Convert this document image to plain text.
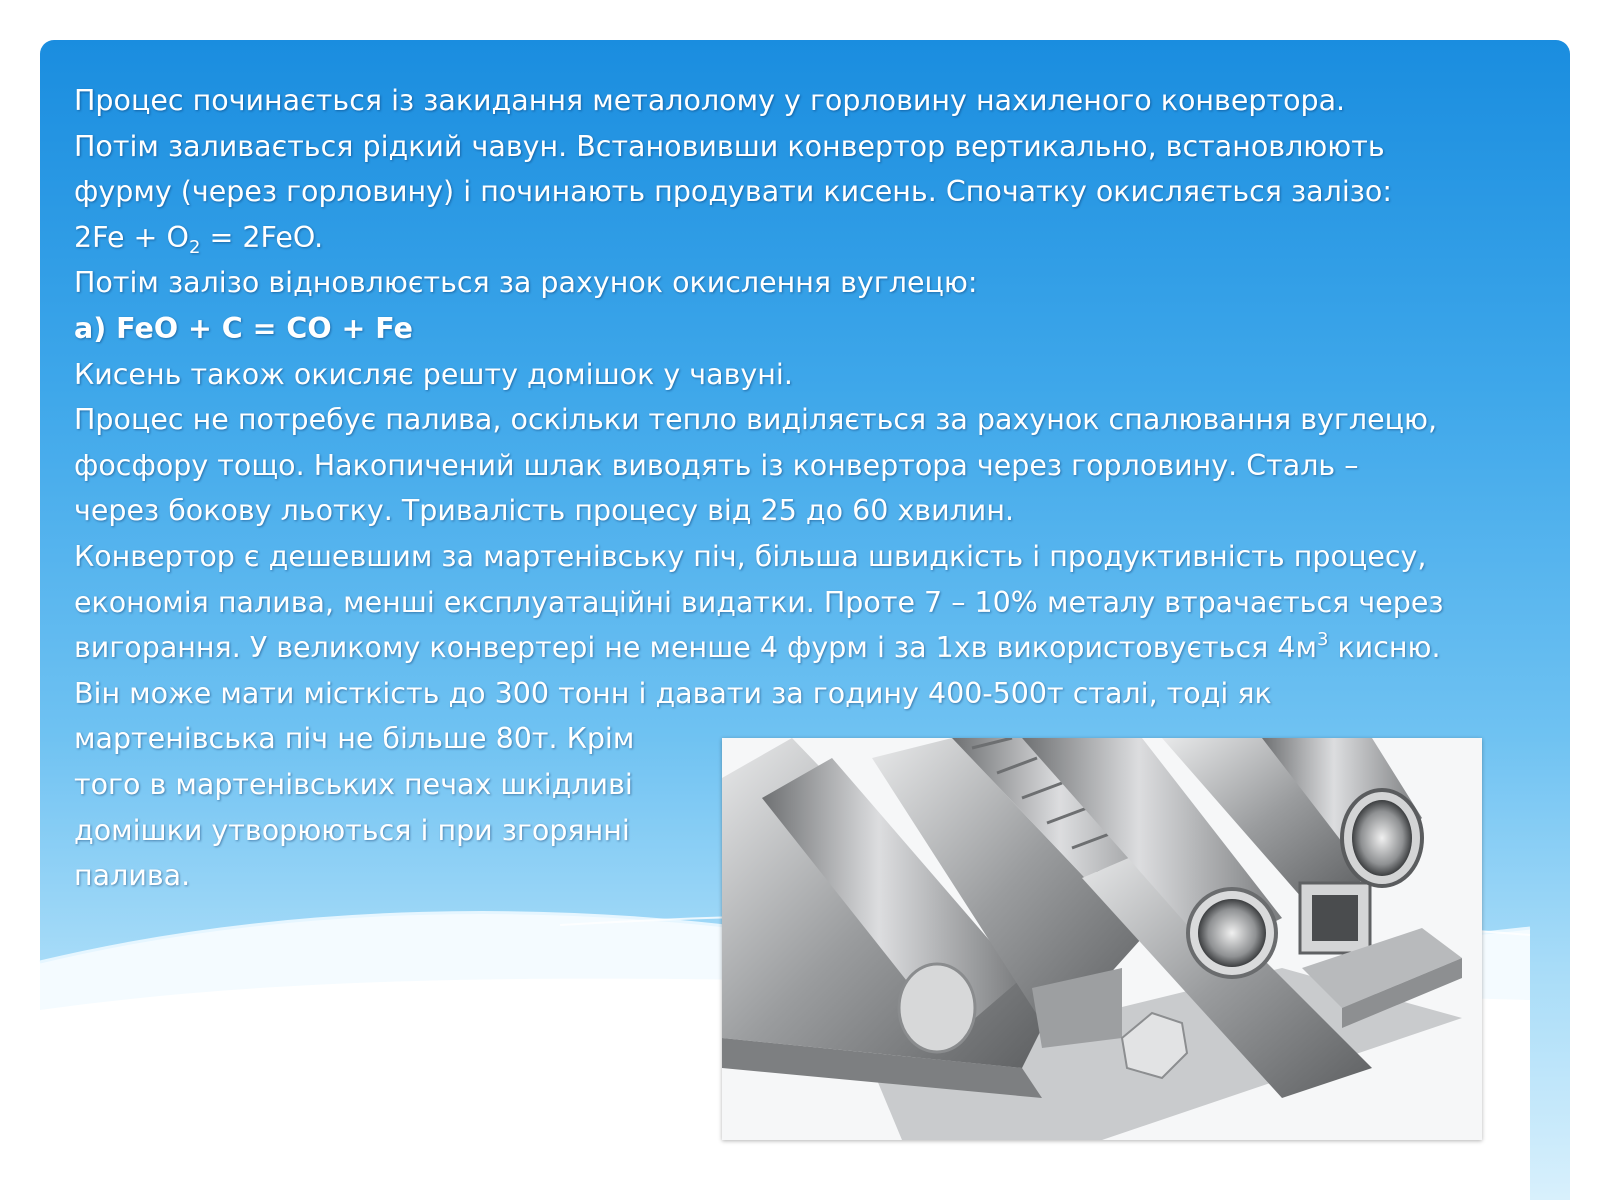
Процес починається із закидання металолому у горловину нахиленого конвертора.
Потім заливається рідкий чавун. Встановивши конвертор вертикально, встановлюють
фурму (через горловину) і починають продувати кисень. Спочатку окисляється залізо:
$2Fe + O_2 = 2FeO$.
Потім залізо відновлюється за рахунок окислення вуглецю:
а) FeO + C = CO + Fe
Кисень також окисляє решту домішок у чавуні.
Процес не потребує палива, оскільки тепло виділяється за рахунок спалювання вуглецю,
фосфору тощо. Накопичений шлак виводять із конвертора через горловину. Сталь –
через бокову льотку. Тривалість процесу від 25 до 60 хвилин.
Конвертор є дешевшим за мартенівську піч, більша швидкість і продуктивність процесу,
економія палива, менші експлуатаційні видатки. Проте 7 – 10% металу втрачається через
вигорання. У великому конвертері не менше 4 фурм і за 1хв використовується $4м^3$ кисню.
Він може мати місткість до 300 тонн і давати за годину 400-500т сталі, тоді як
мартенівська піч не більше 80т. Крім
того в мартенівських печах шкідливі
домішки утворюються і при згорянні
палива.
